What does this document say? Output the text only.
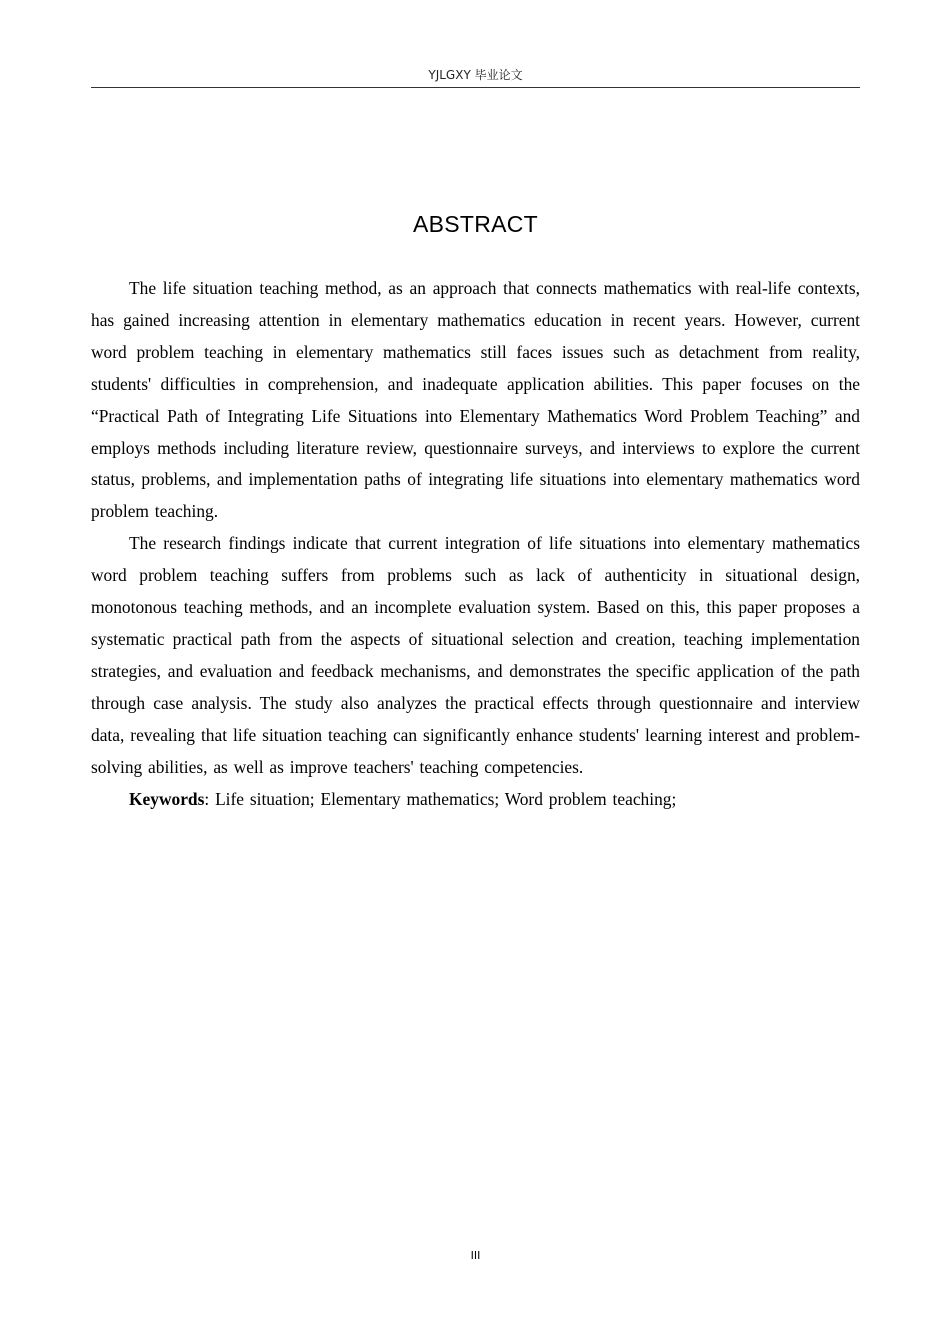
YJLGXY 毕业论文
ABSTRACT

The life situation teaching method, as an approach that connects mathematics with real-life contexts, has gained increasing attention in elementary mathematics education in recent years. However, current word problem teaching in elementary mathematics still faces issues such as detachment from reality, students' difficulties in comprehension, and inadequate application abilities. This paper focuses on the “Practical Path of Integrating Life Situations into Elementary Mathematics Word Problem Teaching” and employs methods including literature review, questionnaire surveys, and interviews to explore the current status, problems, and implementation paths of integrating life situations into elementary mathematics word problem teaching.

The research findings indicate that current integration of life situations into elementary mathematics word problem teaching suffers from problems such as lack of authenticity in situational design, monotonous teaching methods, and an incomplete evaluation system. Based on this, this paper proposes a systematic practical path from the aspects of situational selection and creation, teaching implementation strategies, and evaluation and feedback mechanisms, and demonstrates the specific application of the path through case analysis. The study also analyzes the practical effects through questionnaire and interview data, revealing that life situation teaching can significantly enhance students' learning interest and problem-solving abilities, as well as improve teachers' teaching competencies.

Keywords: Life situation; Elementary mathematics; Word problem teaching;

III
